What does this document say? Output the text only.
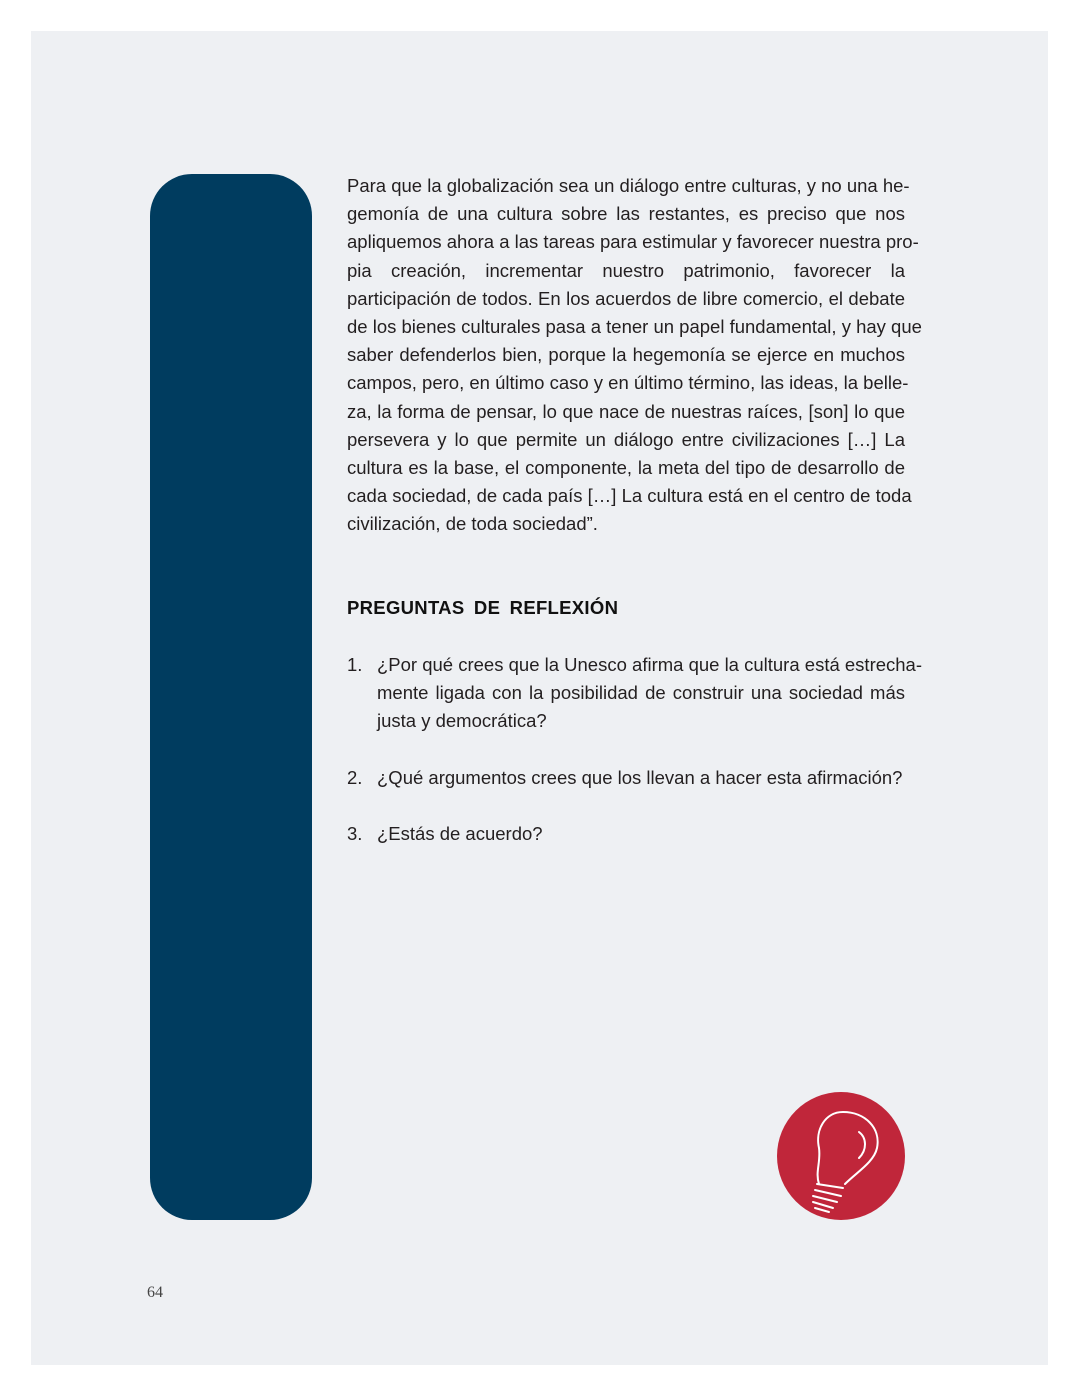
Para que la globalización sea un diálogo entre culturas, y no una he-
gemonía de una cultura sobre las restantes, es preciso que nos
apliquemos ahora a las tareas para estimular y favorecer nuestra pro-
pia creación, incrementar nuestro patrimonio, favorecer la
participación de todos. En los acuerdos de libre comercio, el debate
de los bienes culturales pasa a tener un papel fundamental, y hay que
saber defenderlos bien, porque la hegemonía se ejerce en muchos
campos, pero, en último caso y en último término, las ideas, la belle-
za, la forma de pensar, lo que nace de nuestras raíces, [son] lo que
persevera y lo que permite un diálogo entre civilizaciones […] La
cultura es la base, el componente, la meta del tipo de desarrollo de
cada sociedad, de cada país […] La cultura está en el centro de toda
civilización, de toda sociedad”.
PREGUNTAS DE REFLEXIÓN
1. ¿Por qué crees que la Unesco afirma que la cultura está estrecha-
mente ligada con la posibilidad de construir una sociedad más
justa y democrática?
2. ¿Qué argumentos crees que los llevan a hacer esta afirmación?
3. ¿Estás de acuerdo?
64
